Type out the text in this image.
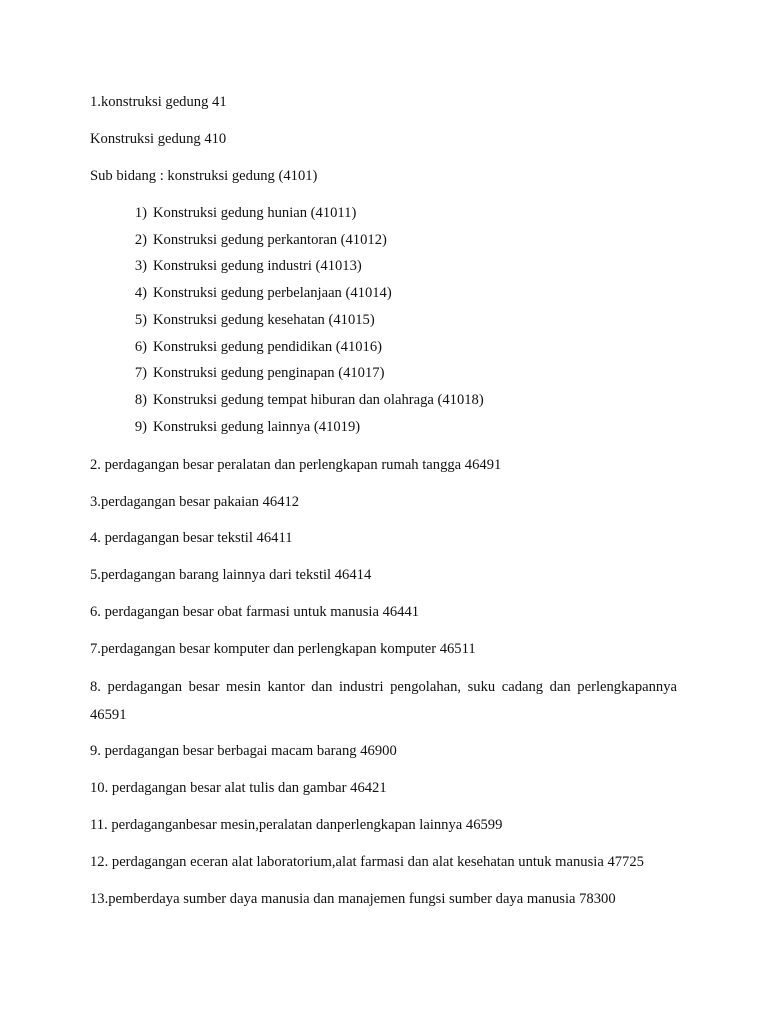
1.konstruksi gedung 41
Konstruksi gedung 410
Sub bidang : konstruksi gedung (4101)
1) Konstruksi gedung hunian (41011)
2) Konstruksi gedung perkantoran (41012)
3) Konstruksi gedung industri (41013)
4) Konstruksi gedung perbelanjaan (41014)
5) Konstruksi gedung kesehatan (41015)
6) Konstruksi gedung pendidikan (41016)
7) Konstruksi gedung penginapan (41017)
8) Konstruksi gedung tempat hiburan dan olahraga (41018)
9) Konstruksi gedung lainnya (41019)
2. perdagangan besar peralatan dan perlengkapan rumah tangga 46491
3.perdagangan besar pakaian 46412
4. perdagangan besar tekstil 46411
5.perdagangan barang lainnya dari tekstil 46414
6. perdagangan besar obat farmasi untuk manusia 46441
7.perdagangan besar komputer dan perlengkapan komputer 46511
8. perdagangan besar mesin kantor dan industri pengolahan, suku cadang dan perlengkapannya
46591
9. perdagangan besar berbagai macam barang 46900
10. perdagangan besar alat tulis dan gambar 46421
11. perdaganganbesar mesin,peralatan danperlengkapan lainnya 46599
12. perdagangan eceran alat laboratorium,alat farmasi dan alat kesehatan untuk manusia 47725
13.pemberdaya sumber daya manusia dan manajemen fungsi sumber daya manusia 78300
